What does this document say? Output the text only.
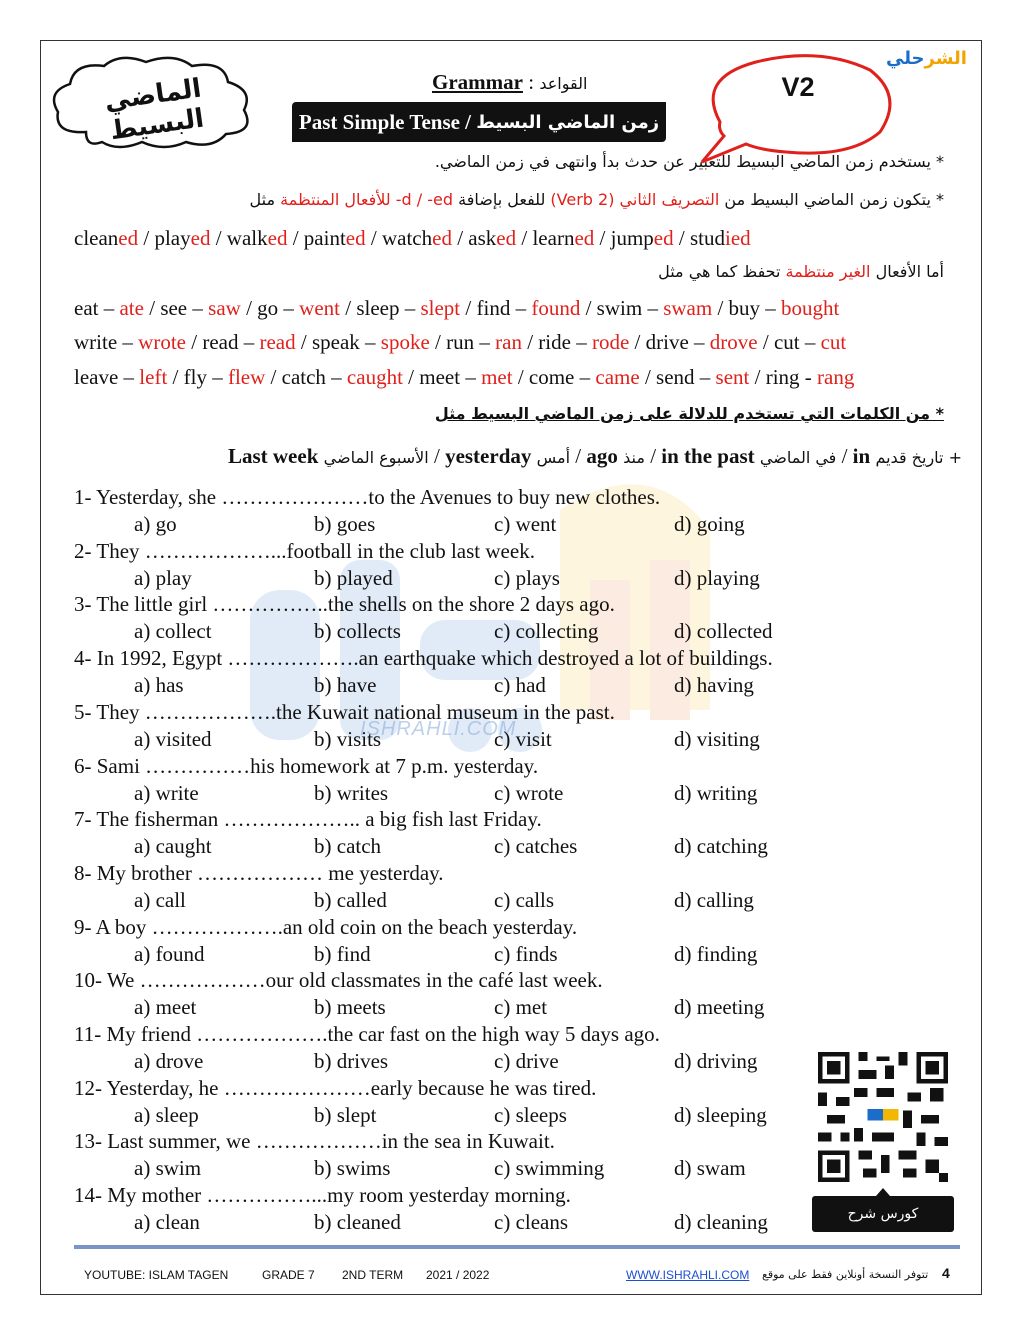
ISHRAHLI.COM
الماضي البسيط
Grammar : القواعد
Past Simple Tense /
زمن الماضي البسيط
V2
الشرحلي
* يستخدم زمن الماضي البسيط للتعبير عن حدث بدأ وانتهى في زمن الماضي.
* يتكون زمن الماضي البسيط من التصريف الثاني (Verb 2) للفعل بإضافة d / -ed- للأفعال المنتظمة مثل
cleaned / played / walked / painted / watched / asked / learned / jumped / studied
أما الأفعال الغير منتظمة تحفظ كما هي مثل
eat – ate / see – saw / go – went / sleep – slept / find – found / swim – swam / buy – bought
write – wrote / read – read / speak – spoke / run – ran / ride – rode / drive – drove / cut – cut
leave – left / fly – flew / catch – caught / meet – met / come – came / send – sent / ring - rang
* من الكلمات التي تستخدم للدلالة على زمن الماضي البسيط مثل
+ تاريخ قديم in / في الماضي in the past / منذ ago / أمس yesterday / الأسبوع الماضي Last week
1- Yesterday, she …………………to the Avenues to buy new clothes.
a) go	b) goes	c) went	d) going
2- They ………………...football in the club last week.
a) play	b) played	c) plays	d) playing
3- The little girl ……………..the shells on the shore 2 days ago.
a) collect	b) collects	c) collecting	d) collected
4- In 1992, Egypt ……………….an earthquake which destroyed a lot of buildings.
a) has	b) have	c) had	d) having
5- They ……………….the Kuwait national museum in the past.
a) visited	b) visits	c) visit	d) visiting
6- Sami ……………his homework at 7 p.m. yesterday.
a) write	b) writes	c) wrote	d) writing
7- The fisherman ……………….. a big fish last Friday.
a) caught	b) catch	c) catches	d) catching
8- My brother ……………… me yesterday.
a) call	b) called	c) calls	d) calling
9- A boy ……………….an old coin on the beach yesterday.
a) found	b) find	c) finds	d) finding
10- We ………………our old classmates in the café last week.
a) meet	b) meets	c) met	d) meeting
11- My friend ……………….the car fast on the high way 5 days ago.
a) drove	b) drives	c) drive	d) driving
12- Yesterday, he …………………early because he was tired.
a) sleep	b) slept	c) sleeps	d) sleeping
13- Last summer, we ………………in the sea in Kuwait.
a) swim	b) swims	c) swimming	d) swam
14- My mother ……………...my room yesterday morning.
a) clean	b) cleaned	c) cleans	d) cleaning	كورس شرح
YOUTUBE: ISLAM TAGEN	GRADE 7 2ND TERM 2021 / 2022	WWW.ISHRAHLI.COM تتوفر النسخة أونلاين فقط على موقع 4
